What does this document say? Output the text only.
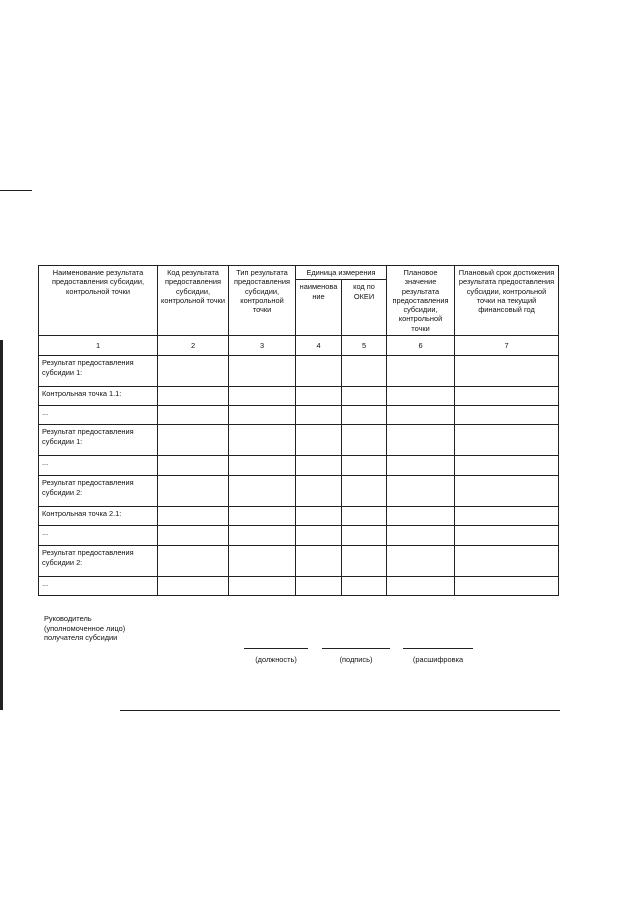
Наименование результата предоставления субсидии, контрольной точки	Код результата предоставления субсидии, контрольной точки	Тип результата предоставления субсидии, контрольной точки	Единица измерения		Плановое значение результата предоставления субсидии, контрольной точки	Плановый срок достижения результата предоставления субсидии, контрольной точки на текущий финансовый год
			наименова ние	код по ОКЕИ		
1	2	3	4	5	6	7
Результат предоставления субсидии 1:						
Контрольная точка 1.1:						
...						
Результат предоставления субсидии 1:						
...						
Результат предоставления субсидии 2:						
Контрольная точка 2.1:						
...						
Результат предоставления субсидии 2:						
...						
Руководитель
(уполномоченное лицо)
получателя субсидии
(должность)	(подпись)	(расшифровка
